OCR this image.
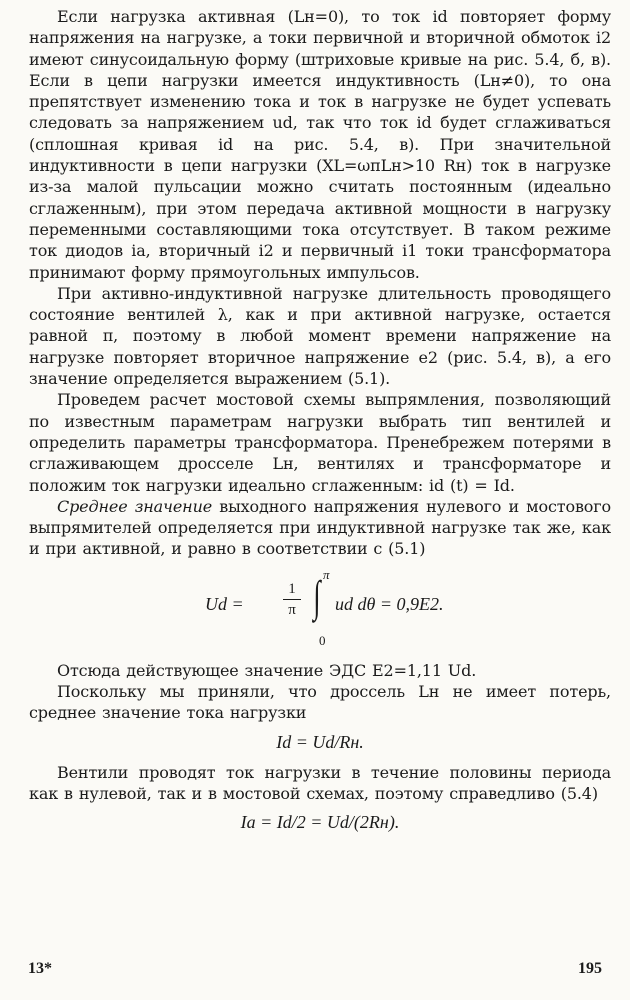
Если нагрузка активная (Lн=0), то ток id повторяет форму напряжения на нагрузке, а токи первичной и вторичной обмоток i2 имеют синусоидальную форму (штриховые кривые на рис. 5.4, б, в). Если в цепи нагрузки имеется индуктивность (Lн≠0), то она препятствует изменению тока и ток в нагрузке не будет успевать следовать за напряжением ud, так что ток id будет сглаживаться (сплошная кривая id на рис. 5.4, в). При значительной индуктивности в цепи нагрузки (XL=ωпLн>10 Rн) ток в нагрузке из-за малой пульсации можно считать постоянным (идеально сглаженным), при этом передача активной мощности в нагрузку переменными составляющими тока отсутствует. В таком режиме ток диодов iа, вторичный i2 и первичный i1 токи трансформатора принимают форму прямоугольных импульсов.

При активно-индуктивной нагрузке длительность проводящего состояние вентилей λ, как и при активной нагрузке, остается равной π, поэтому в любой момент времени напряжение на нагрузке повторяет вторичное напряжение e2 (рис. 5.4, в), а его значение определяется выражением (5.1).

Проведем расчет мостовой схемы выпрямления, позволяющий по известным параметрам нагрузки выбрать тип вентилей и определить параметры трансформатора. Пренебрежем потерями в сглаживающем дросселе Lн, вентилях и трансформаторе и положим ток нагрузки идеально сглаженным: id (t) = Id.

Среднее значение выходного напряжения нулевого и мостового выпрямителей определяется при индуктивной нагрузке так же, как и при активной, и равно в соответствии с (5.1)

Ud =
1
π
π
∫
0
ud dθ = 0,9E2.

Отсюда действующее значение ЭДС E2=1,11 Ud.

Поскольку мы приняли, что дроссель Lн не имеет потерь, среднее значение тока нагрузки

Id = Ud/Rн.

Вентили проводят ток нагрузки в течение половины периода как в нулевой, так и в мостовой схемах, поэтому справедливо (5.4)

Iа = Id/2 = Ud/(2Rн).
13*	195
